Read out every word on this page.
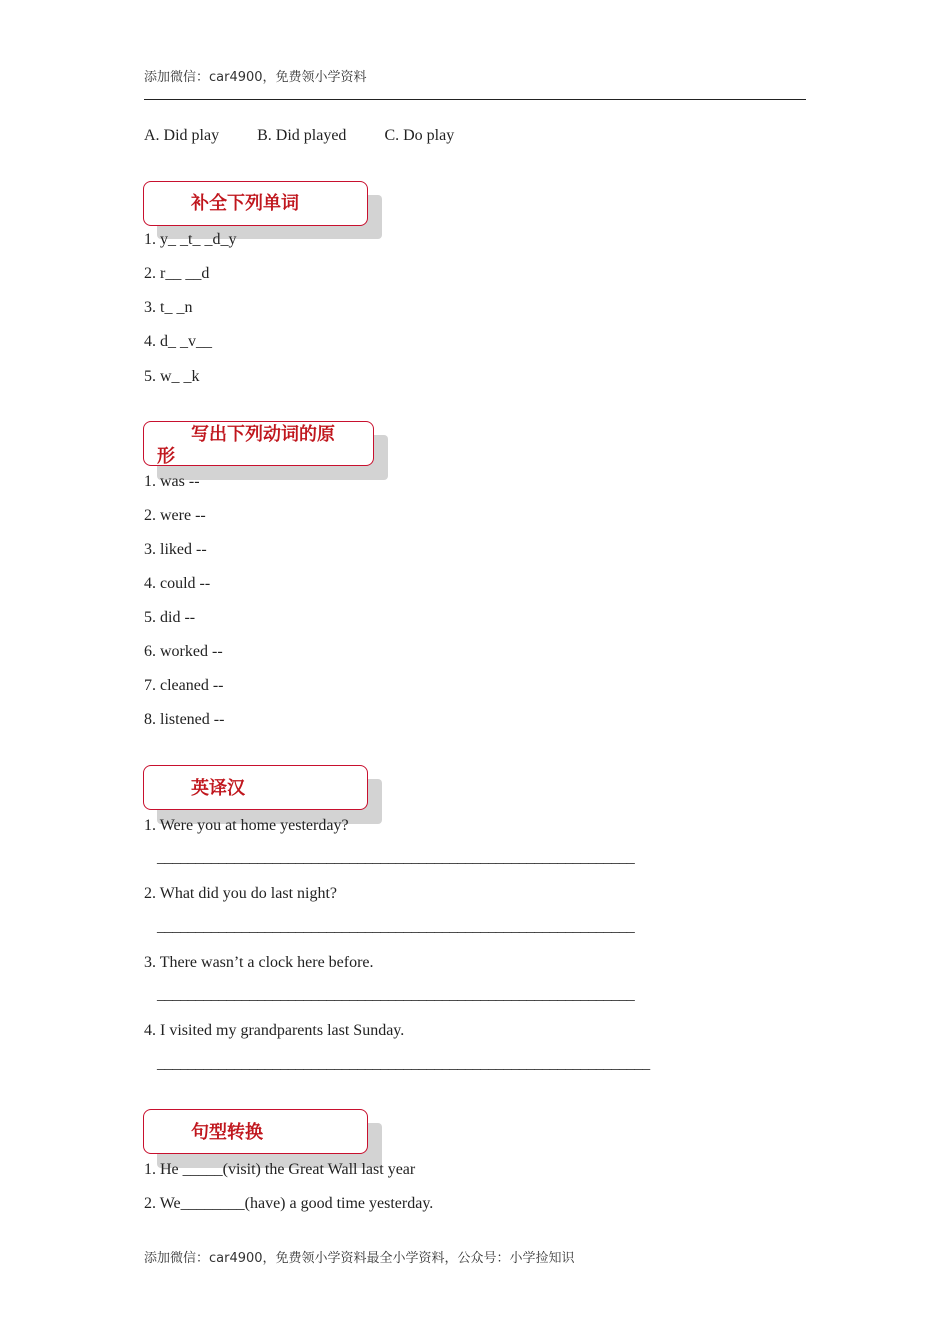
添加微信：car4900，免费领小学资料
A. Did play B. Did played C. Do play
补全下列单词
1. y_ _t_ _d_y
2. r__ __d
3. t_ _n
4. d_ _v__
5. w_ _k
写出下列动词的原
形
1. was --
2. were --
3. liked --
4. could --
5. did --
6. worked --
7. cleaned --
8. listened --
英译汉
1. Were you at home yesterday?
______________________________________________________________
2. What did you do last night?
______________________________________________________________
3. There wasn’t a clock here before.
______________________________________________________________
4. I visited my grandparents last Sunday.
________________________________________________________________
句型转换
1. He _____(visit) the Great Wall last year
2. We________(have) a good time yesterday.
添加微信：car4900，免费领小学资料最全小学资料，公众号：小学捡知识
